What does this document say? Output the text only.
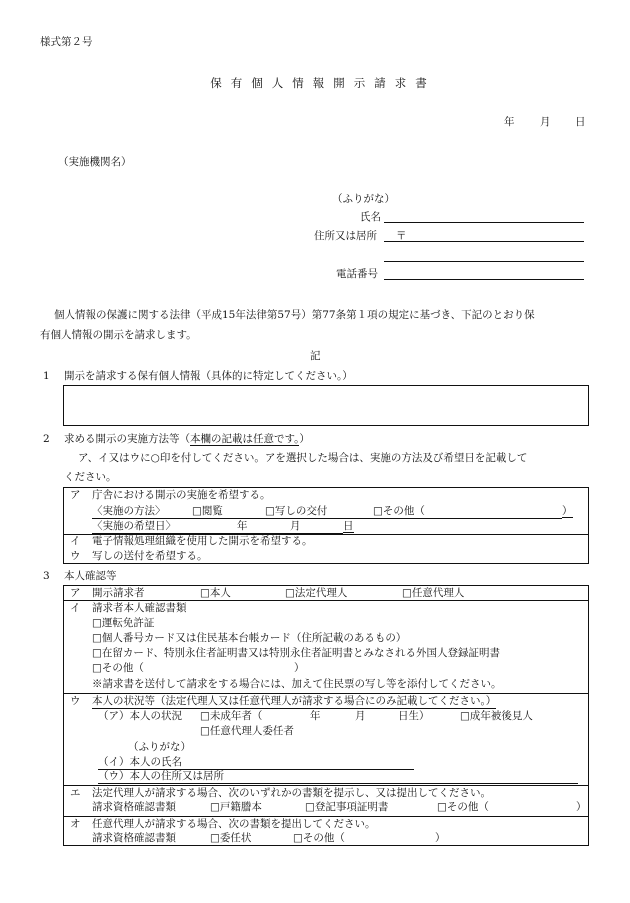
様式第２号
保有個人情報開示請求書
年 月 日
（実施機関名）
（ふりがな）
氏名
住所又は居所	〒
電話番号
個人情報の保護に関する法律（平成15年法律第57号）第77条第１項の規定に基づき、下記のとおり保
有個人情報の開示を請求します。
記
1 開示を請求する保有個人情報（具体的に特定してください。）
2 求める開示の実施方法等（本欄の記載は任意です。）
ア、イ又はウに○印を付してください。アを選択した場合は、実施の方法及び希望日を記載して
ください。
ア 庁舎における開示の実施を希望する。
〈実施の方法〉	□閲覧	□写しの交付	□その他（	）
〈実施の希望日〉	年	月	日
イ 電子情報処理組織を使用した開示を希望する。
ウ 写しの送付を希望する。
3 本人確認等
ア 開示請求者	□本人	□法定代理人	□任意代理人
イ 請求者本人確認書類
□運転免許証
□個人番号カード又は住民基本台帳カード（住所記載のあるもの）
□在留カード、特別永住者証明書又は特別永住者証明書とみなされる外国人登録証明書
□その他（	）
※請求書を送付して請求をする場合には、加えて住民票の写し等を添付してください。
ウ 本人の状況等（法定代理人又は任意代理人が請求する場合にのみ記載してください。）
（ア）本人の状況 □未成年者（	年	月	日生）	□成年被後見人
□任意代理人委任者
（ふりがな）
（イ）本人の氏名
（ウ）本人の住所又は居所
エ 法定代理人が請求する場合、次のいずれかの書類を提示し、又は提出してください。
請求資格確認書類	□戸籍謄本	□登記事項証明書	□その他（	）
オ 任意代理人が請求する場合、次の書類を提出してください。
請求資格確認書類	□委任状	□その他（	）
